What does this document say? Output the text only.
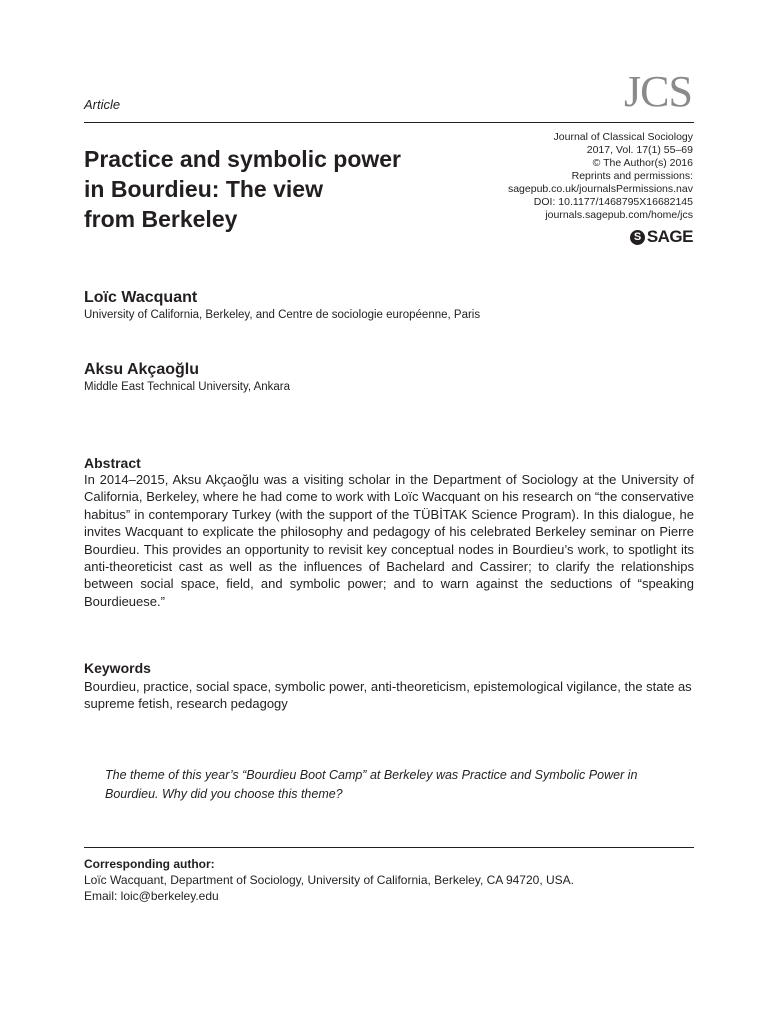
Article	JCS
Practice and symbolic power
in Bourdieu: The view
from Berkeley
Journal of Classical Sociology
2017, Vol. 17(1) 55–69
© The Author(s) 2016
Reprints and permissions:
sagepub.co.uk/journalsPermissions.nav
DOI: 10.1177/1468795X16682145
journals.sagepub.com/home/jcs
S SAGE
Loïc Wacquant
University of California, Berkeley, and Centre de sociologie européenne, Paris
Aksu Akçaoğlu
Middle East Technical University, Ankara
Abstract
In 2014–2015, Aksu Akçaoğlu was a visiting scholar in the Department of Sociology at the University of California, Berkeley, where he had come to work with Loïc Wacquant on his research on “the conservative habitus” in contemporary Turkey (with the support of the TÜBİTAK Science Program). In this dialogue, he invites Wacquant to explicate the philosophy and pedagogy of his celebrated Berkeley seminar on Pierre Bourdieu. This provides an opportunity to revisit key conceptual nodes in Bourdieu’s work, to spotlight its anti-theoreticist cast as well as the influences of Bachelard and Cassirer; to clarify the relationships between social space, field, and symbolic power; and to warn against the seductions of “speaking Bourdieuese.”
Keywords
Bourdieu, practice, social space, symbolic power, anti-theoreticism, epistemological vigilance, the state as supreme fetish, research pedagogy
The theme of this year’s “Bourdieu Boot Camp” at Berkeley was Practice and Symbolic Power in Bourdieu. Why did you choose this theme?
Corresponding author:
Loïc Wacquant, Department of Sociology, University of California, Berkeley, CA 94720, USA.
Email: loic@berkeley.edu
